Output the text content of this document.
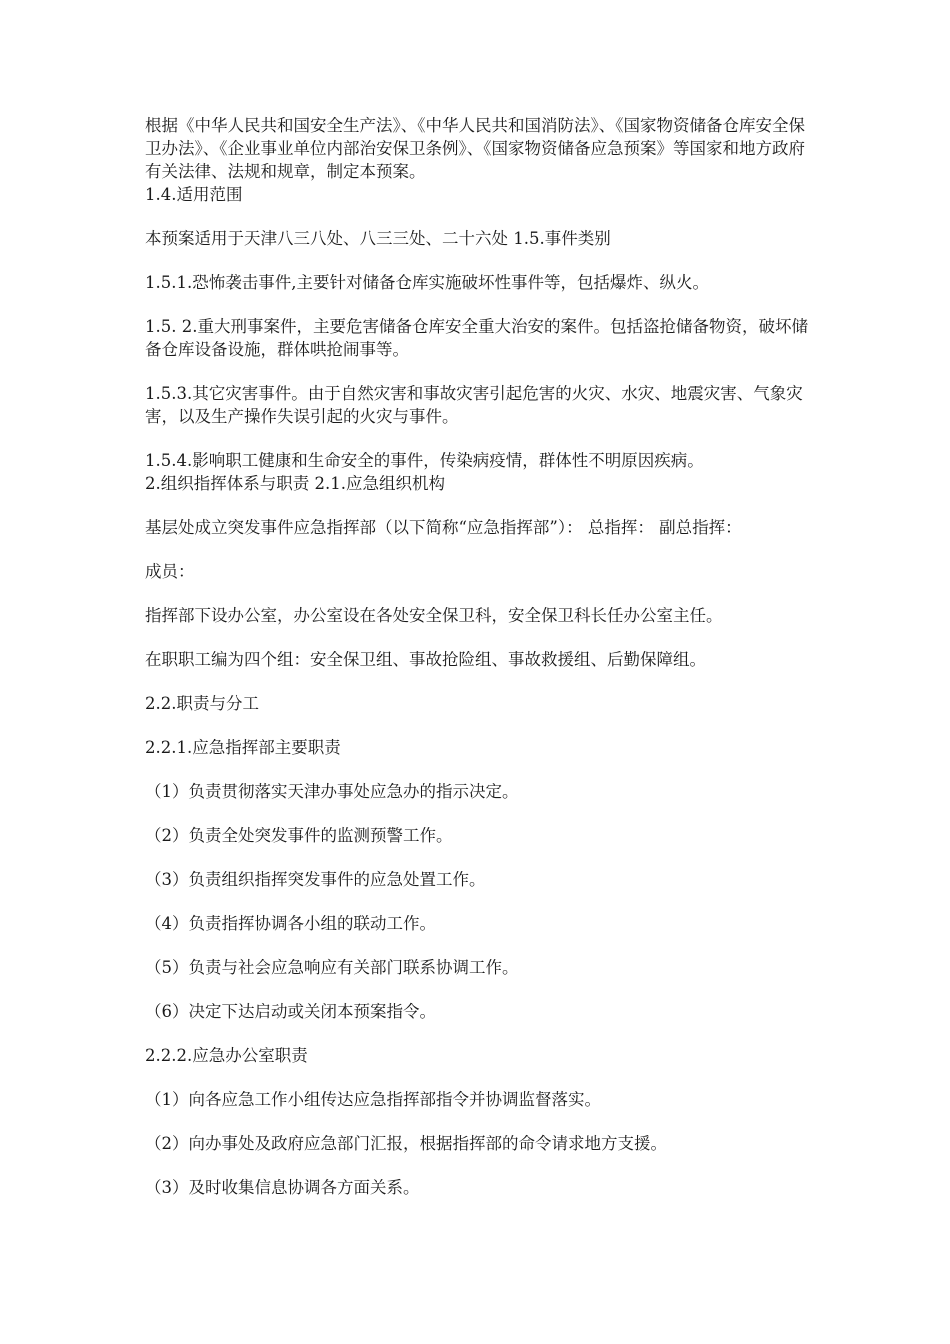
根据《中华人民共和国安全生产法》、《中华人民共和国消防法》、《国家物资储备仓库安全保卫办法》、《企业事业单位内部治安保卫条例》、《国家物资储备应急预案》等国家和地方政府有关法律、法规和规章，制定本预案。

1.4.适用范围

本预案适用于天津八三八处、八三三处、二十六处 1.5.事件类别

1.5.1.恐怖袭击事件,主要针对储备仓库实施破坏性事件等，包括爆炸、纵火。

1.5. 2.重大刑事案件，主要危害储备仓库安全重大治安的案件。包括盗抢储备物资，破坏储备仓库设备设施，群体哄抢闹事等。

1.5.3.其它灾害事件。由于自然灾害和事故灾害引起危害的火灾、水灾、地震灾害、气象灾害，以及生产操作失误引起的火灾与事件。

1.5.4.影响职工健康和生命安全的事件，传染病疫情，群体性不明原因疾病。

2.组织指挥体系与职责 2.1.应急组织机构

基层处成立突发事件应急指挥部（以下简称“应急指挥部”）： 总指挥： 副总指挥：

成员：

指挥部下设办公室，办公室设在各处安全保卫科，安全保卫科长任办公室主任。

在职职工编为四个组：安全保卫组、事故抢险组、事故救援组、后勤保障组。

2.2.职责与分工

2.2.1.应急指挥部主要职责

（1）负责贯彻落实天津办事处应急办的指示决定。

（2）负责全处突发事件的监测预警工作。

（3）负责组织指挥突发事件的应急处置工作。

（4）负责指挥协调各小组的联动工作。

（5）负责与社会应急响应有关部门联系协调工作。

（6）决定下达启动或关闭本预案指令。

2.2.2.应急办公室职责

（1）向各应急工作小组传达应急指挥部指令并协调监督落实。

（2）向办事处及政府应急部门汇报，根据指挥部的命令请求地方支援。

（3）及时收集信息协调各方面关系。
